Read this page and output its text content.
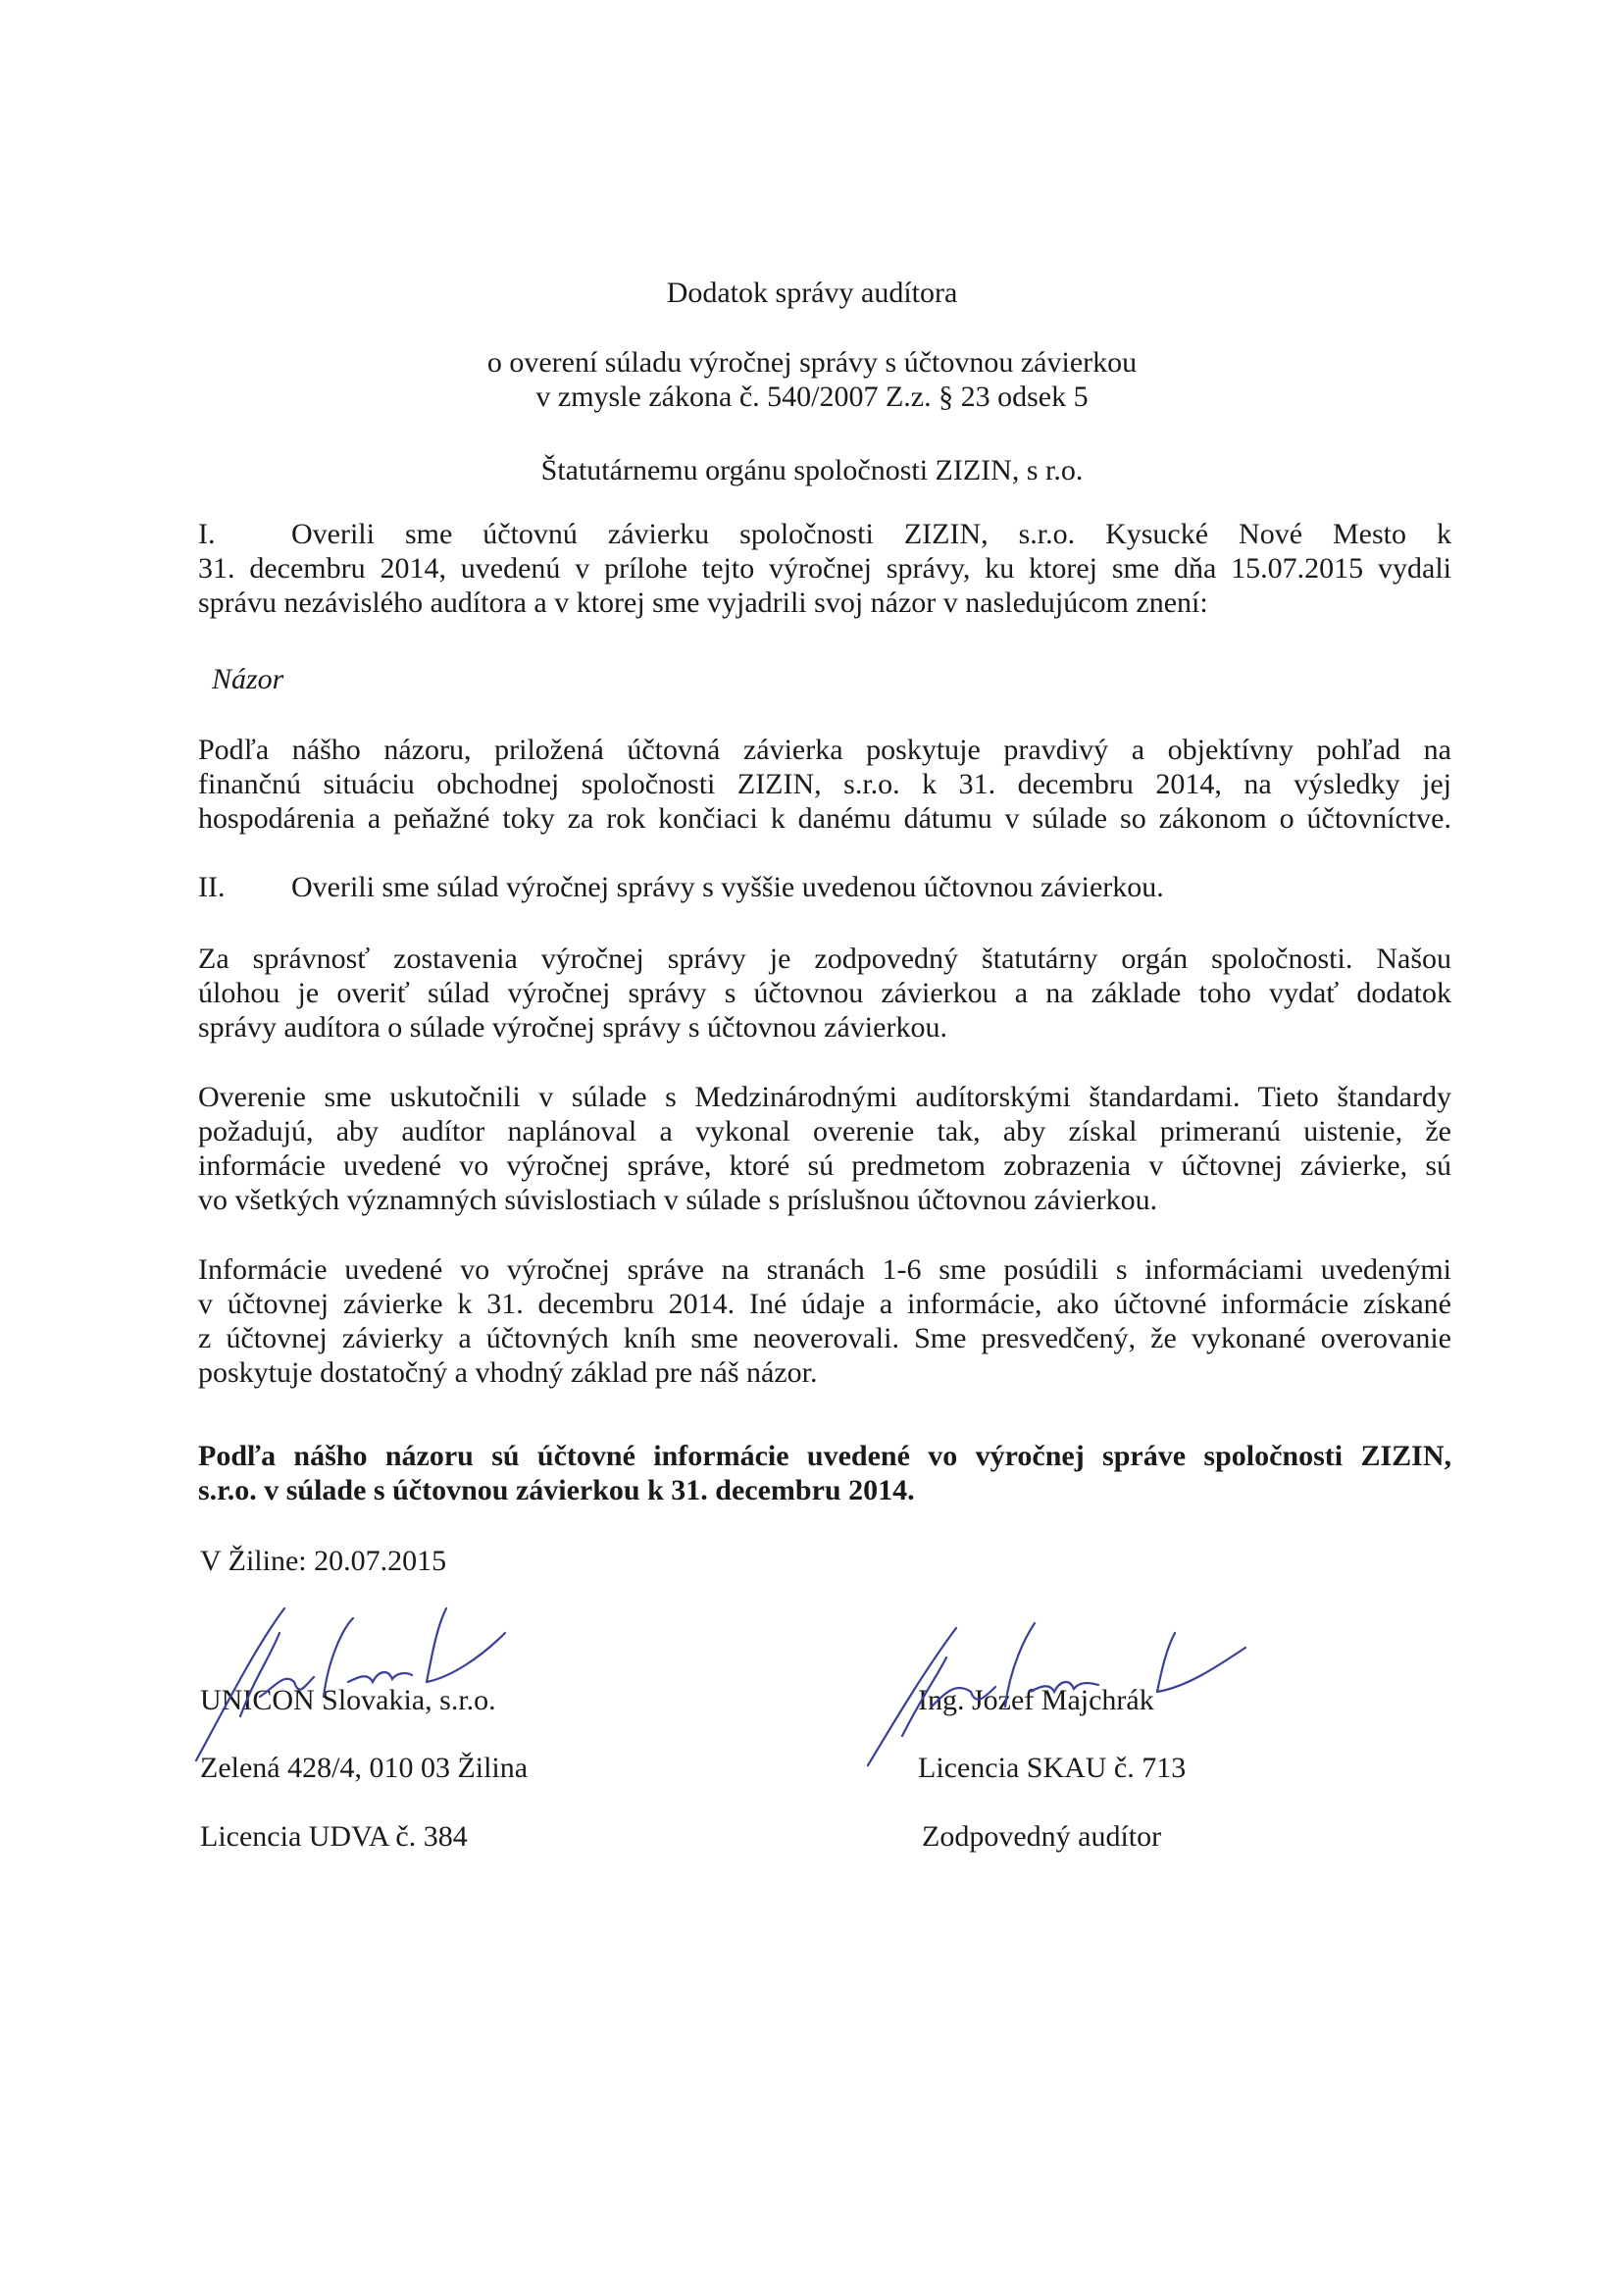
Dodatok správy audítora
o overení súladu výročnej správy s účtovnou závierkou
v zmysle zákona č. 540/2007 Z.z. § 23 odsek 5
Štatutárnemu orgánu spoločnosti ZIZIN, s r.o.
I.	Overili sme účtovnú závierku spoločnosti ZIZIN, s.r.o. Kysucké Nové Mesto k
31. decembru 2014, uvedenú v prílohe tejto výročnej správy, ku ktorej sme dňa 15.07.2015 vydali
správu nezávislého audítora a v ktorej sme vyjadrili svoj názor v nasledujúcom znení:
Názor
Podľa nášho názoru, priložená účtovná závierka poskytuje pravdivý a objektívny pohľad na
finančnú situáciu obchodnej spoločnosti ZIZIN, s.r.o. k 31. decembru 2014, na výsledky jej
hospodárenia a peňažné toky za rok končiaci k danému dátumu v súlade so zákonom o účtovníctve.
II. Overili sme súlad výročnej správy s vyššie uvedenou účtovnou závierkou.
Za správnosť zostavenia výročnej správy je zodpovedný štatutárny orgán spoločnosti. Našou
úlohou je overiť súlad výročnej správy s účtovnou závierkou a na základe toho vydať dodatok
správy audítora o súlade výročnej správy s účtovnou závierkou.
Overenie sme uskutočnili v súlade s Medzinárodnými audítorskými štandardami. Tieto štandardy
požadujú, aby audítor naplánoval a vykonal overenie tak, aby získal primeranú uistenie, že
informácie uvedené vo výročnej správe, ktoré sú predmetom zobrazenia v účtovnej závierke, sú
vo všetkých významných súvislostiach v súlade s príslušnou účtovnou závierkou.
Informácie uvedené vo výročnej správe na stranách 1-6 sme posúdili s informáciami uvedenými
v účtovnej závierke k 31. decembru 2014. Iné údaje a informácie, ako účtovné informácie získané
z účtovnej závierky a účtovných kníh sme neoverovali. Sme presvedčený, že vykonané overovanie
poskytuje dostatočný a vhodný základ pre náš názor.
Podľa nášho názoru sú účtovné informácie uvedené vo výročnej správe spoločnosti ZIZIN,
s.r.o. v súlade s účtovnou závierkou k 31. decembru 2014.
V Žiline: 20.07.2015
UNICON Slovakia, s.r.o.
Zelená 428/4, 010 03 Žilina
Licencia UDVA č. 384
Ing. Jozef Majchrák
Licencia SKAU č. 713
Zodpovedný audítor
